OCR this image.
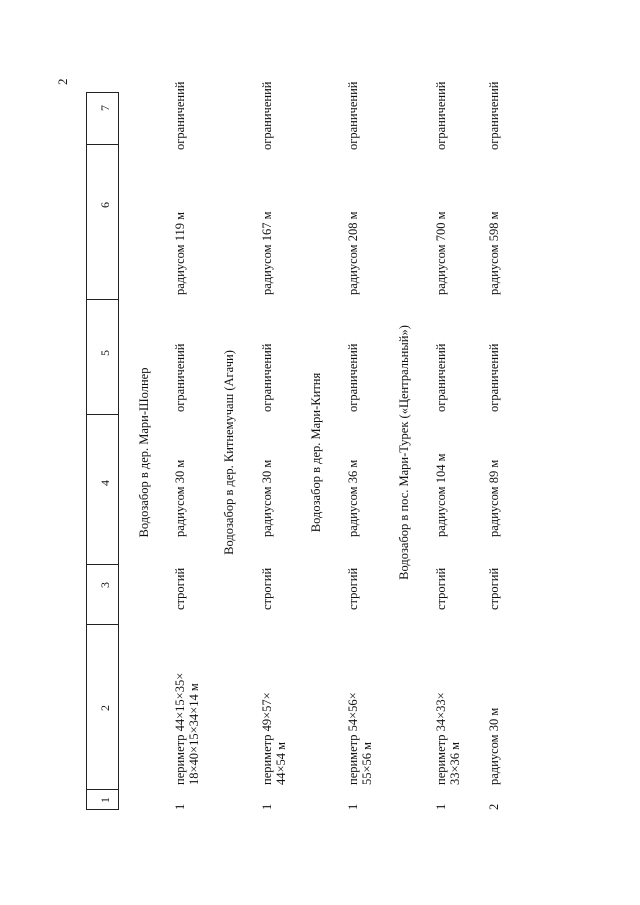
2
1
2
3
4
5
6
7
Водозабор в дер. Мари-Шолнер
1
периметр 44×15×35× 18×40×15×34×14 м
строгий
радиусом 30 м
ограничений
радиусом 119 м
ограничений
Водозабор в дер. Китнемучаш (Агачи)
1
периметр 49×57× 44×54 м
строгий
радиусом 30 м
ограничений
радиусом 167 м
ограничений
Водозабор в дер. Мари-Китня
1
периметр 54×56× 55×56 м
строгий
радиусом 36 м
ограничений
радиусом 208 м
ограничений
Водозабор в пос. Мари-Турек («Центральный»)
1
периметр 34×33× 33×36 м
строгий
радиусом 104 м
ограничений
радиусом 700 м
ограничений
2
радиусом 30 м
строгий
радиусом 89 м
ограничений
радиусом 598 м
ограничений
